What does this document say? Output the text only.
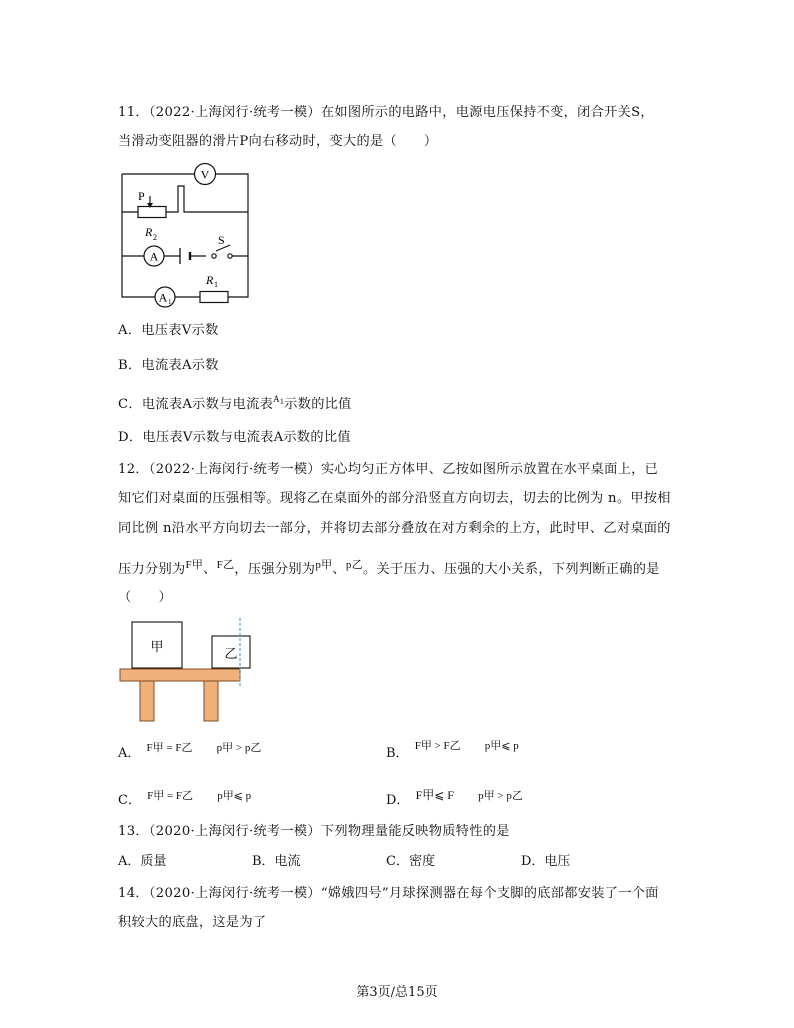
11．（2022·上海闵行·统考一模）在如图所示的电路中，电源电压保持不变，闭合开关S，
当滑动变阻器的滑片P向右移动时，变大的是（　　）
V
P
R 2
A
S
A 1
R 1
A．电压表V示数
B．电流表A示数
C．电流表A示数与电流表$^{A1}$示数的比值
D．电压表V示数与电流表A示数的比值
12．（2022·上海闵行·统考一模）实心均匀正方体甲、乙按如图所示放置在水平桌面上，已
知它们对桌面的压强相等。现将乙在桌面外的部分沿竖直方向切去，切去的比例为 n。甲按相
同比例 n沿水平方向切去一部分，并将切去部分叠放在对方剩余的上方，此时甲、乙对桌面的
压力分别为$^{F甲}$、$^{F乙}$，压强分别为$^{p甲}$、$^{p乙}$。关于压力、压强的大小关系，下列判断正确的是
（　　）
甲	乙
A． $^{F甲 = F乙}$ $^{p甲 > p乙}$	B． $^{F甲 > F乙}$ $^{p甲⩽ p}$
C． $^{F甲 = F乙}$ $^{p甲⩽ p}$	D． F甲⩽ F $^{p甲 > p乙}$
13．（2020·上海闵行·统考一模）下列物理量能反映物质特性的是
A．质量	B．电流	C．密度	D．电压
14．（2020·上海闵行·统考一模）“嫦娥四号”月球探测器在每个支脚的底部都安装了一个面
积较大的底盘，这是为了
第3页/总15页
